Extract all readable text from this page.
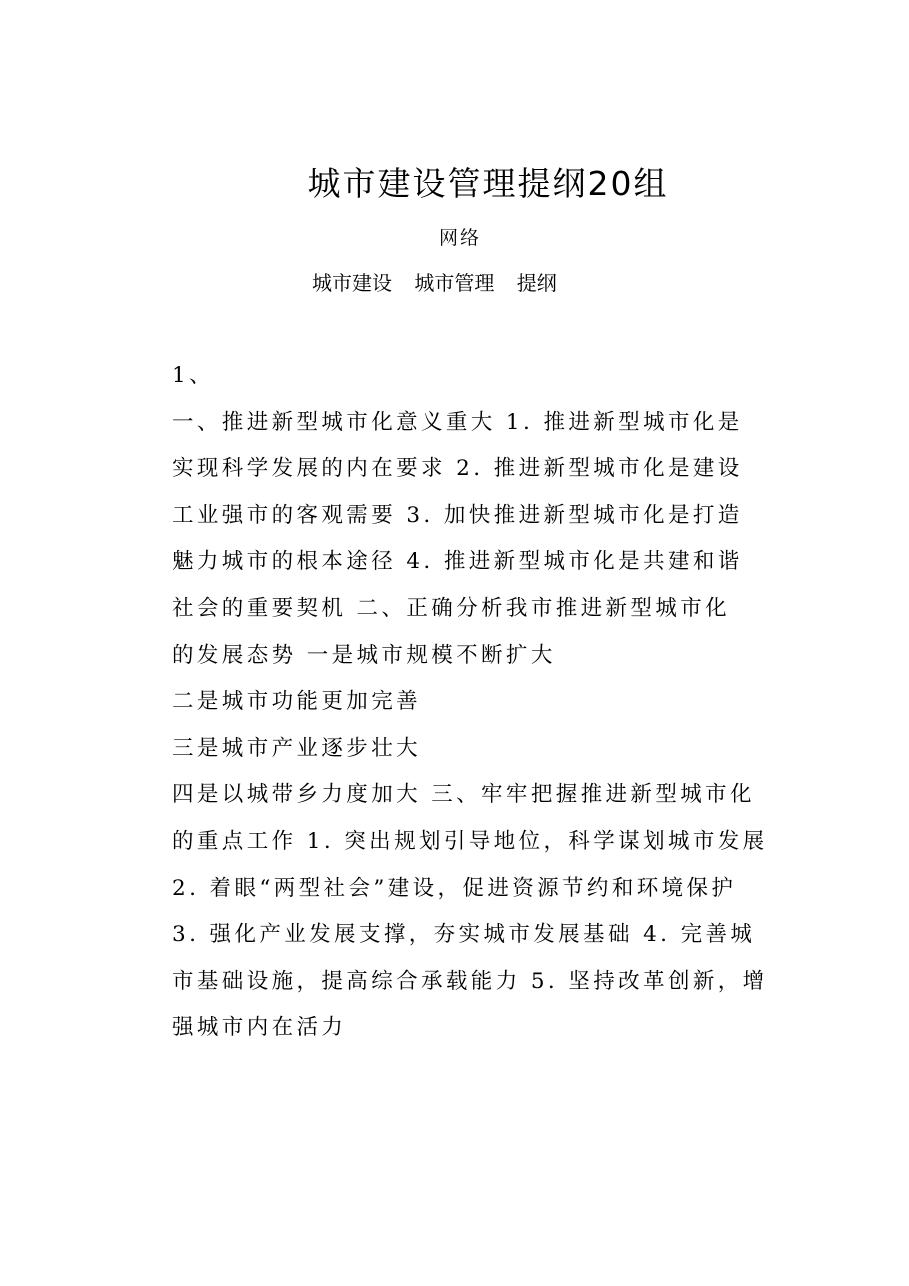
城市建设管理提纲20组
网络
城市建设 城市管理 提纲
1、
一、推进新型城市化意义重大 1. 推进新型城市化是
实现科学发展的内在要求 2. 推进新型城市化是建设
工业强市的客观需要 3. 加快推进新型城市化是打造
魅力城市的根本途径 4. 推进新型城市化是共建和谐
社会的重要契机 二、正确分析我市推进新型城市化
的发展态势 一是城市规模不断扩大
二是城市功能更加完善
三是城市产业逐步壮大
四是以城带乡力度加大 三、牢牢把握推进新型城市化
的重点工作 1. 突出规划引导地位，科学谋划城市发展
2. 着眼“两型社会”建设，促进资源节约和环境保护
3. 强化产业发展支撑，夯实城市发展基础 4. 完善城
市基础设施，提高综合承载能力 5. 坚持改革创新，增
强城市内在活力
